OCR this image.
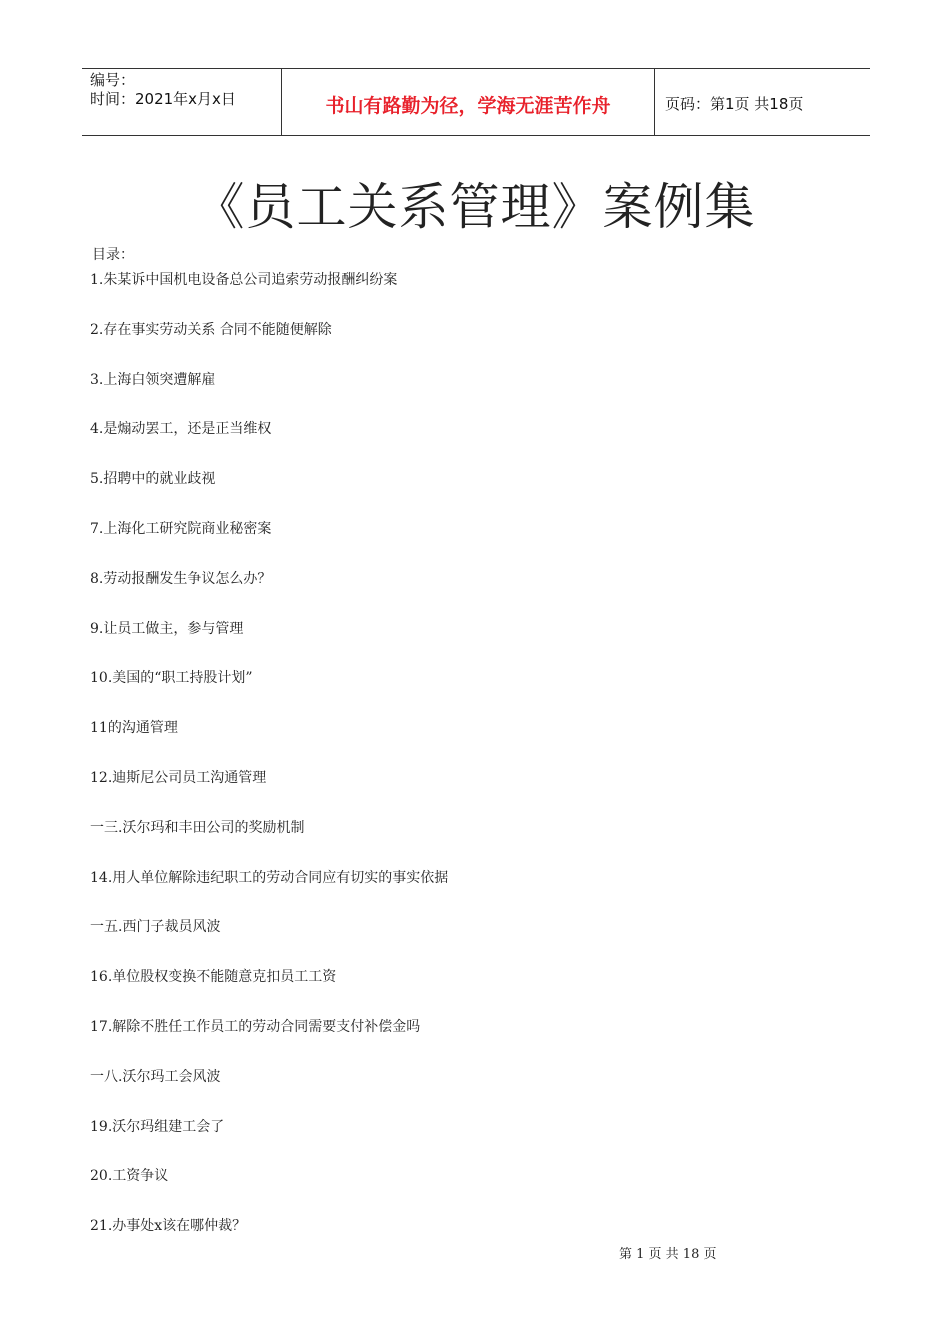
编号：
时间：2021年x月x日	书山有路勤为径，学海无涯苦作舟	页码：第1页 共18页
《员工关系管理》案例集
目录：
1.朱某诉中国机电设备总公司追索劳动报酬纠纷案
2.存在事实劳动关系 合同不能随便解除
3.上海白领突遭解雇
4.是煽动罢工，还是正当维权
5.招聘中的就业歧视
7.上海化工研究院商业秘密案
8.劳动报酬发生争议怎么办？
9.让员工做主，参与管理
10.美国的“职工持股计划”
11的沟通管理
12.迪斯尼公司员工沟通管理
一三.沃尔玛和丰田公司的奖励机制
14.用人单位解除违纪职工的劳动合同应有切实的事实依据
一五.西门子裁员风波
16.单位股权变换不能随意克扣员工工资
17.解除不胜任工作员工的劳动合同需要支付补偿金吗
一八.沃尔玛工会风波
19.沃尔玛组建工会了
20.工资争议
21.办事处x该在哪仲裁？
第 1 页 共 18 页
